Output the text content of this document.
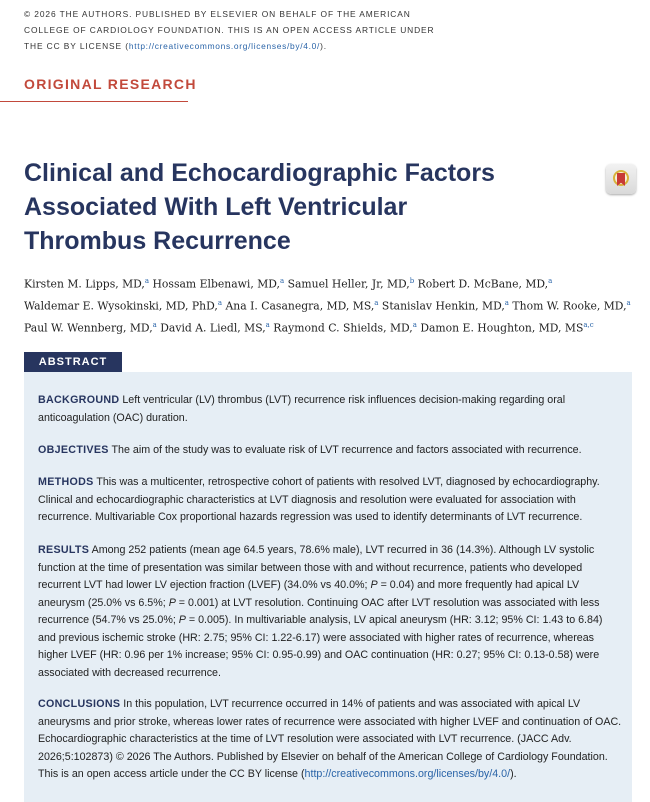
© 2026 THE AUTHORS. PUBLISHED BY ELSEVIER ON BEHALF OF THE AMERICAN
COLLEGE OF CARDIOLOGY FOUNDATION. THIS IS AN OPEN ACCESS ARTICLE UNDER
THE CC BY LICENSE (http://creativecommons.org/licenses/by/4.0/).
ORIGINAL RESEARCH
Clinical and Echocardiographic Factors
Associated With Left Ventricular
Thrombus Recurrence
Kirsten M. Lipps, MD,$^a$ Hossam Elbenawi, MD,$^a$ Samuel Heller, Jr, MD,$^b$ Robert D. McBane, MD,$^a$
Waldemar E. Wysokinski, MD, PhD,$^a$ Ana I. Casanegra, MD, MS,$^a$ Stanislav Henkin, MD,$^a$ Thom W. Rooke, MD,$^a$
Paul W. Wennberg, MD,$^a$ David A. Liedl, MS,$^a$ Raymond C. Shields, MD,$^a$ Damon E. Houghton, MD, MS$^{a,c}$
ABSTRACT
BACKGROUND Left ventricular (LV) thrombus (LVT) recurrence risk influences decision-making regarding oral anticoagulation (OAC) duration.
OBJECTIVES The aim of the study was to evaluate risk of LVT recurrence and factors associated with recurrence.
METHODS This was a multicenter, retrospective cohort of patients with resolved LVT, diagnosed by echocardiography. Clinical and echocardiographic characteristics at LVT diagnosis and resolution were evaluated for association with recurrence. Multivariable Cox proportional hazards regression was used to identify determinants of LVT recurrence.
RESULTS Among 252 patients (mean age 64.5 years, 78.6% male), LVT recurred in 36 (14.3%). Although LV systolic function at the time of presentation was similar between those with and without recurrence, patients who developed recurrent LVT had lower LV ejection fraction (LVEF) (34.0% vs 40.0%; P = 0.04) and more frequently had apical LV aneurysm (25.0% vs 6.5%; P = 0.001) at LVT resolution. Continuing OAC after LVT resolution was associated with less recurrence (54.7% vs 25.0%; P = 0.005). In multivariable analysis, LV apical aneurysm (HR: 3.12; 95% CI: 1.43 to 6.84) and previous ischemic stroke (HR: 2.75; 95% CI: 1.22-6.17) were associated with higher rates of recurrence, whereas higher LVEF (HR: 0.96 per 1% increase; 95% CI: 0.95-0.99) and OAC continuation (HR: 0.27; 95% CI: 0.13-0.58) were associated with decreased recurrence.
CONCLUSIONS In this population, LVT recurrence occurred in 14% of patients and was associated with apical LV aneurysms and prior stroke, whereas lower rates of recurrence were associated with higher LVEF and continuation of OAC. Echocardiographic characteristics at the time of LVT resolution were associated with LVT recurrence. (JACC Adv. 2026;5:102873) © 2026 The Authors. Published by Elsevier on behalf of the American College of Cardiology Foundation. This is an open access article under the CC BY license (http://creativecommons.org/licenses/by/4.0/).
